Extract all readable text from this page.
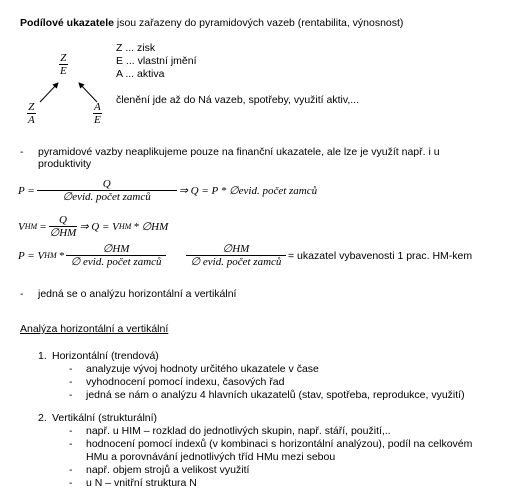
Podílové ukazatele jsou zařazeny do pyramidových vazeb (rentabilita, výnosnost)
Z
E
Z
A
A
E
Z ... zisk
E ... vlastní jmění
A ... aktiva
členění jde až do Ná vazeb, spotřeby, využití aktiv,...
- pyramidové vazby neaplikujeme pouze na finanční ukazatele, ale lze je využít např. i u
produktivity
$P = \frac{Q}{\text{∅evid. počet zamců}}$ ⇒ Q = P * ∅evid. počet zamců
V HM = $\frac{Q}{\emptyset HM}$ ⇒ Q = V HM * ∅HM
P = V HM * $\frac{\emptyset HM}{\text{∅ evid. počet zamců}} \frac{\emptyset HM}{\text{∅ evid. počet zamců}}$ = ukazatel vybavenosti 1 prac. HM-kem
- jedná se o analýzu horizontální a vertikální
Analýza horizontální a vertikální
1. Horizontální (trendová)
- analyzuje vývoj hodnoty určitého ukazatele v čase
- vyhodnocení pomocí indexu, časových řad
- jedná se nám o analýzu 4 hlavních ukazatelů (stav, spotřeba, reprodukce, využití)
2. Vertikální (strukturální)
- např. u HIM – rozklad do jednotlivých skupin, např. stáří, použití,..
- hodnocení pomocí indexů (v kombinaci s horizontální analýzou), podíl na celkovém
HMu a porovnávání jednotlivých tříd HMu mezi sebou
- např. objem strojů a velikost využití
- u N – vnitřní struktura N
